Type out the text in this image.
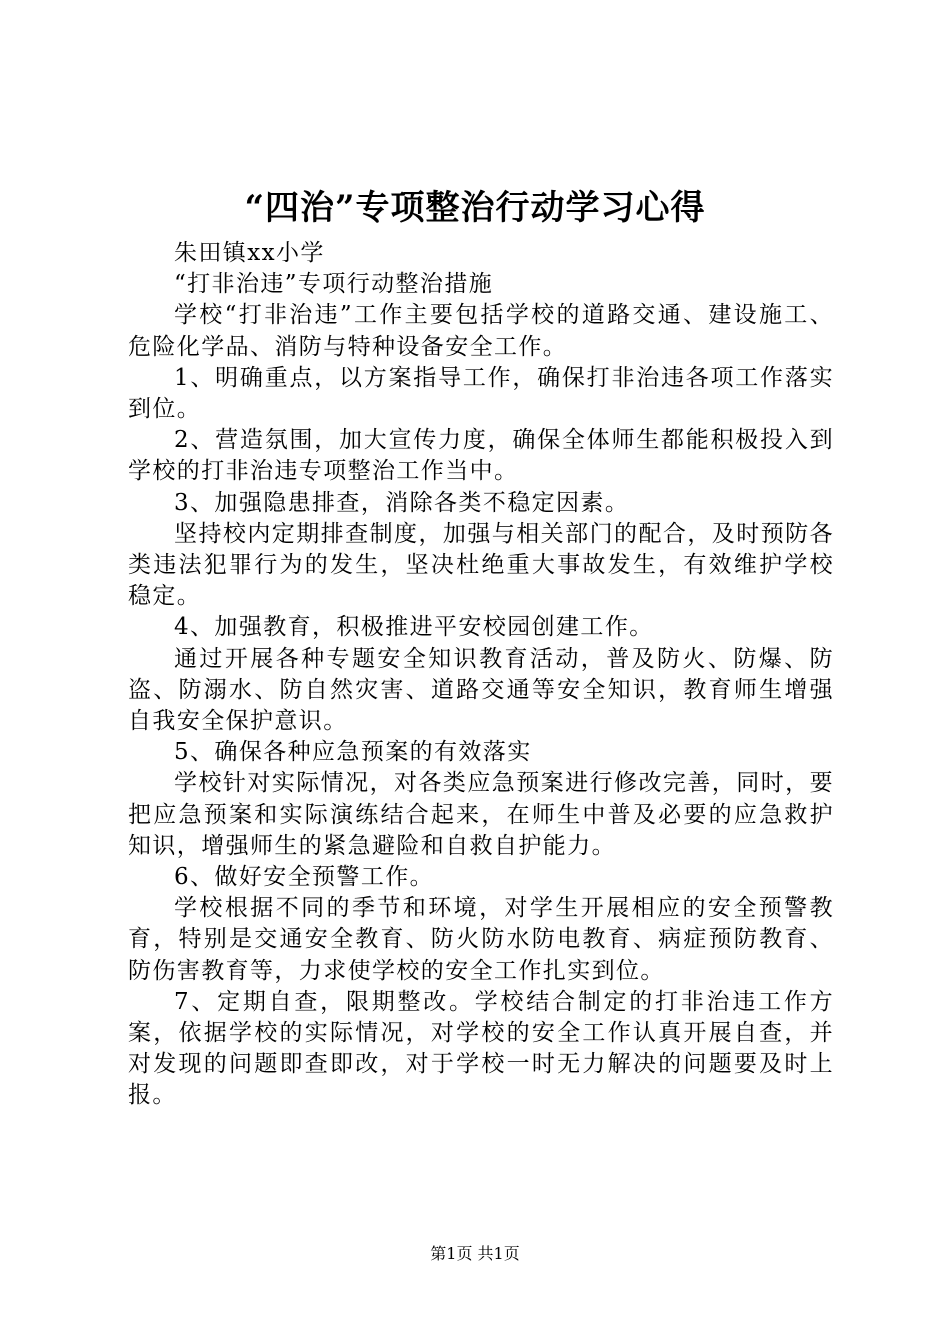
“四治”专项整治行动学习心得

朱田镇xx小学

“打非治违”专项行动整治措施

学校“打非治违”工作主要包括学校的道路交通、建设施工、危险化学品、消防与特种设备安全工作。

1、明确重点，以方案指导工作，确保打非治违各项工作落实到位。

2、营造氛围，加大宣传力度，确保全体师生都能积极投入到学校的打非治违专项整治工作当中。

3、加强隐患排查，消除各类不稳定因素。

坚持校内定期排查制度，加强与相关部门的配合，及时预防各类违法犯罪行为的发生，坚决杜绝重大事故发生，有效维护学校稳定。

4、加强教育，积极推进平安校园创建工作。

通过开展各种专题安全知识教育活动，普及防火、防爆、防盗、防溺水、防自然灾害、道路交通等安全知识，教育师生增强自我安全保护意识。

5、确保各种应急预案的有效落实

学校针对实际情况，对各类应急预案进行修改完善，同时，要把应急预案和实际演练结合起来，在师生中普及必要的应急救护知识，增强师生的紧急避险和自救自护能力。

6、做好安全预警工作。

学校根据不同的季节和环境，对学生开展相应的安全预警教育，特别是交通安全教育、防火防水防电教育、病症预防教育、防伤害教育等，力求使学校的安全工作扎实到位。

7、定期自查，限期整改。学校结合制定的打非治违工作方案，依据学校的实际情况，对学校的安全工作认真开展自查，并对发现的问题即查即改，对于学校一时无力解决的问题要及时上报。

第1页 共1页
